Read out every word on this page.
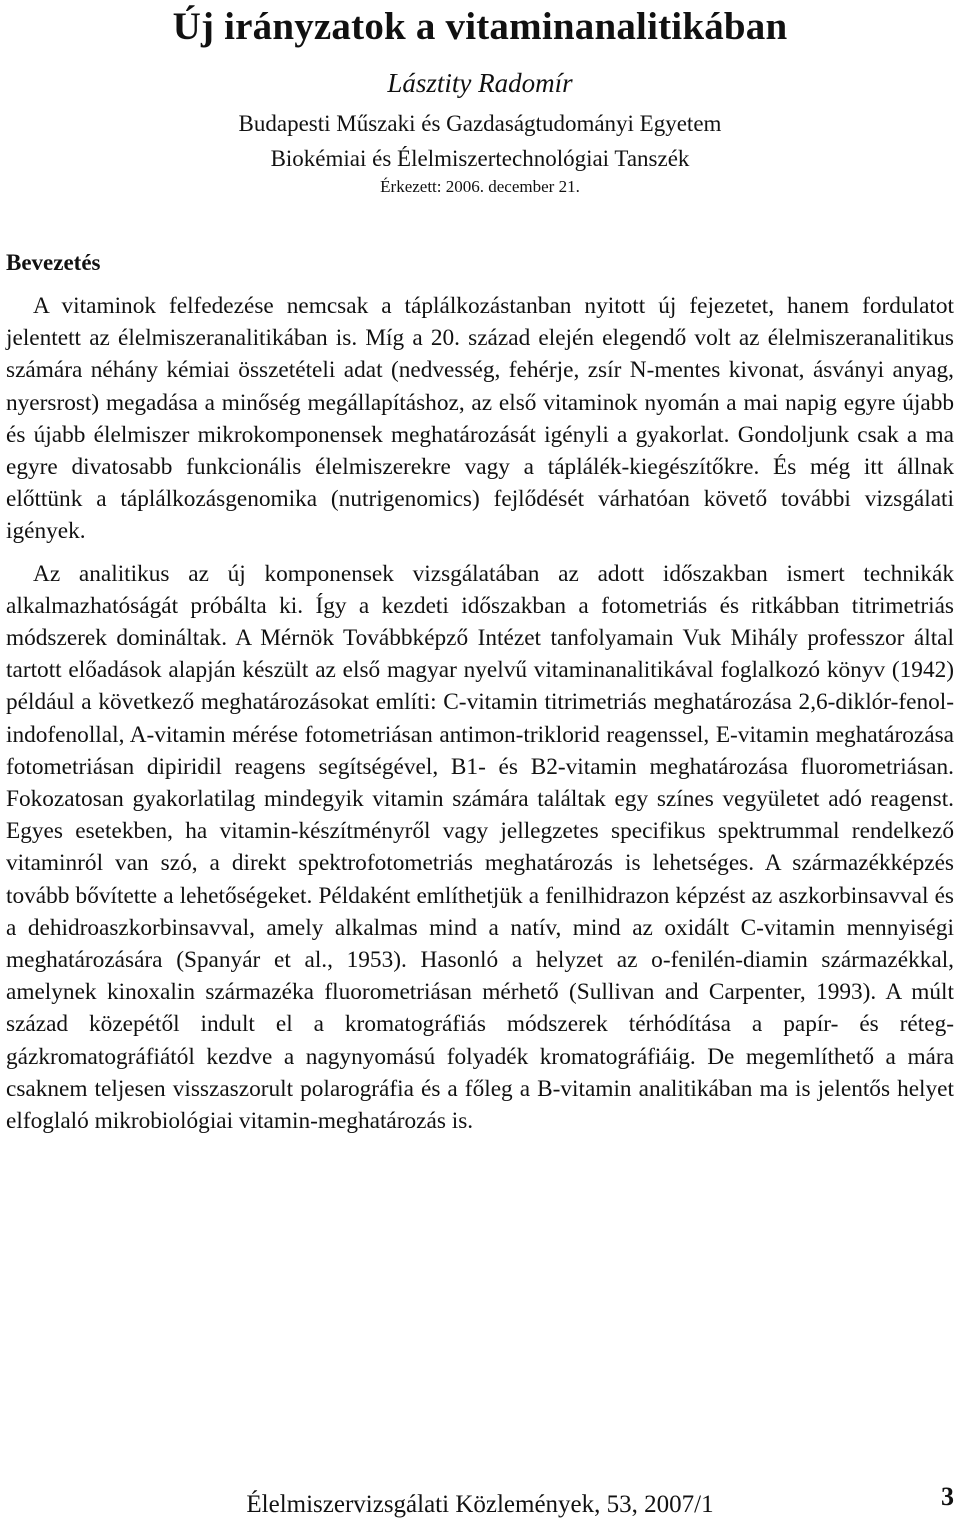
Új irányzatok a vitaminanalitikában
Lásztity Radomír
Budapesti Műszaki és Gazdaságtudományi Egyetem
Biokémiai és Élelmiszertechnológiai Tanszék
Érkezett: 2006. december 21.
Bevezetés

A vitaminok felfedezése nemcsak a táplálkozástanban nyitott új fejezetet, hanem fordulatot jelentett az élelmiszeranalitikában is. Míg a 20. század elején elegendő volt az élelmiszeranalitikus számára néhány kémiai összetételi adat (nedvesség, fehérje, zsír N-mentes kivonat, ásványi anyag, nyersrost) megadása a minőség megállapításhoz, az első vitaminok nyomán a mai napig egyre újabb és újabb élelmiszer mikrokomponensek meghatározását igényli a gyakorlat. Gondoljunk csak a ma egyre divatosabb funkcionális élelmiszerekre vagy a táplálék-kiegészítőkre. És még itt állnak előttünk a táplálkozásgenomika (nutrigenomics) fejlődését várhatóan követő további vizsgálati igények.

Az analitikus az új komponensek vizsgálatában az adott időszakban ismert technikák alkalmazhatóságát próbálta ki. Így a kezdeti időszakban a fotometriás és ritkábban titrimetriás módszerek domináltak. A Mérnök Továbbképző Intézet tanfolyamain Vuk Mihály professzor által tartott előadások alapján készült az első magyar nyelvű vitaminanalitikával foglalkozó könyv (1942) például a következő meghatározásokat említi: C-vitamin titrimetriás meghatározása 2,6-diklór-fenol-indofenollal, A-vitamin mérése fotometriásan antimon-triklorid reagenssel, E-vitamin meghatározása fotometriásan dipiridil reagens segítségével, B1- és B2-vitamin meghatározása fluorometriásan. Fokozatosan gyakorlatilag mindegyik vitamin számára találtak egy színes vegyületet adó reagenst. Egyes esetekben, ha vitamin-készítményről vagy jellegzetes specifikus spektrummal rendelkező vitaminról van szó, a direkt spektrofotometriás meghatározás is lehetséges. A származékképzés tovább bővítette a lehetőségeket. Példaként említhetjük a fenilhidrazon képzést az aszkorbinsavval és a dehidroaszkorbinsavval, amely alkalmas mind a natív, mind az oxidált C-vitamin mennyiségi meghatározására (Spanyár et al., 1953). Hasonló a helyzet az o-fenilén-diamin származékkal, amelynek kinoxalin származéka fluorometriásan mérhető (Sullivan and Carpenter, 1993). A múlt század közepétől indult el a kromatográfiás módszerek térhódítása a papír- és réteg-gázkromatográfiától kezdve a nagynyomású folyadék kromatográfiáig. De megemlíthető a mára csaknem teljesen visszaszorult polarográfia és a főleg a B-vitamin analitikában ma is jelentős helyet elfoglaló mikrobiológiai vitamin-meghatározás is.

Élelmiszervizsgálati Közlemények, 53, 2007/1	3
